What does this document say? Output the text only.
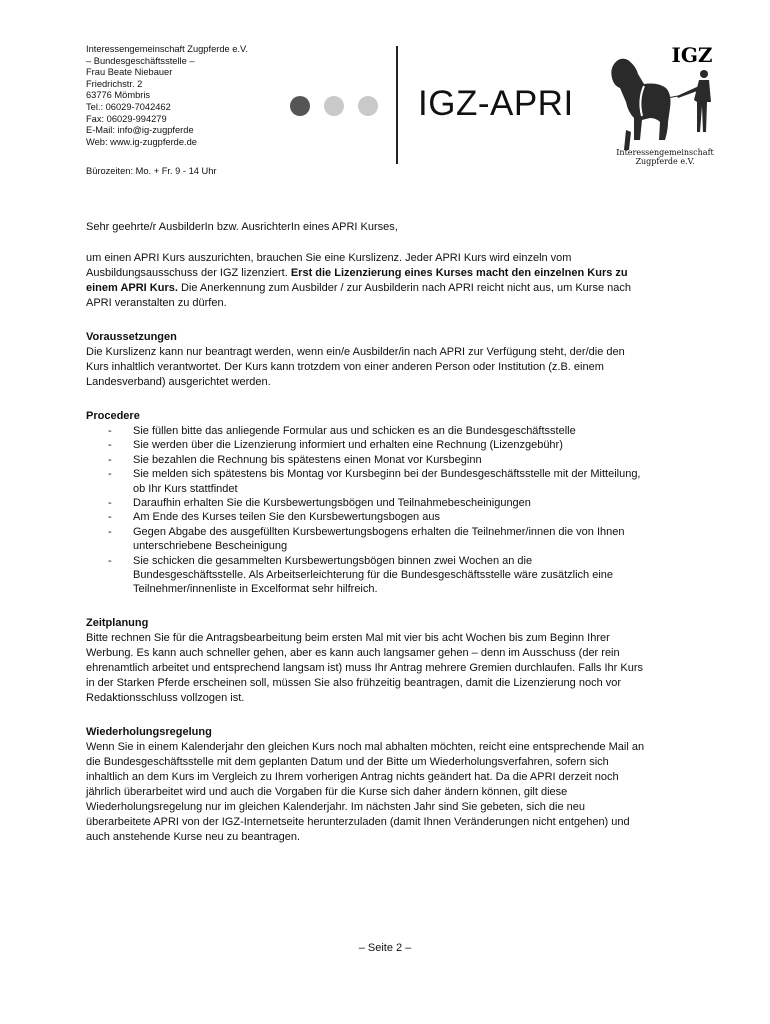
Interessengemeinschaft Zugpferde e.V.
– Bundesgeschäftsstelle –
Frau Beate Niebauer
Friedrichstr. 2
63776 Mömbris
Tel.: 06029-7042462
Fax: 06029-994279
E-Mail: info@ig-zugpferde
Web: www.ig-zugpferde.de
Bürozeiten: Mo. + Fr. 9 - 14 Uhr
IGZ-APRI
IGZ
Interessengemeinschaft
Zugpferde e.V.

Sehr geehrte/r AusbilderIn bzw. AusrichterIn eines APRI Kurses,

um einen APRI Kurs auszurichten, brauchen Sie eine Kurslizenz. Jeder APRI Kurs wird einzeln vom Ausbildungsausschuss der IGZ lizenziert. Erst die Lizenzierung eines Kurses macht den einzelnen Kurs zu einem APRI Kurs. Die Anerkennung zum Ausbilder / zur Ausbilderin nach APRI reicht nicht aus, um Kurse nach APRI veranstalten zu dürfen.

Voraussetzungen

Die Kurslizenz kann nur beantragt werden, wenn ein/e Ausbilder/in nach APRI zur Verfügung steht, der/die den Kurs inhaltlich verantwortet. Der Kurs kann trotzdem von einer anderen Person oder Institution (z.B. einem Landesverband) ausgerichtet werden.

Procedere
- Sie füllen bitte das anliegende Formular aus und schicken es an die Bundesgeschäftsstelle
- Sie werden über die Lizenzierung informiert und erhalten eine Rechnung (Lizenzgebühr)
- Sie bezahlen die Rechnung bis spätestens einen Monat vor Kursbeginn
- Sie melden sich spätestens bis Montag vor Kursbeginn bei der Bundesgeschäftsstelle mit der Mitteilung, ob Ihr Kurs stattfindet
- Daraufhin erhalten Sie die Kursbewertungsbögen und Teilnahmebescheinigungen
- Am Ende des Kurses teilen Sie den Kursbewertungsbogen aus
- Gegen Abgabe des ausgefüllten Kursbewertungsbogens erhalten die Teilnehmer/innen die von Ihnen unterschriebene Bescheinigung
- Sie schicken die gesammelten Kursbewertungsbögen binnen zwei Wochen an die Bundesgeschäftsstelle. Als Arbeitserleichterung für die Bundesgeschäftsstelle wäre zusätzlich eine Teilnehmer/innenliste in Excelformat sehr hilfreich.
Zeitplanung

Bitte rechnen Sie für die Antragsbearbeitung beim ersten Mal mit vier bis acht Wochen bis zum Beginn Ihrer Werbung. Es kann auch schneller gehen, aber es kann auch langsamer gehen – denn im Ausschuss (der rein ehrenamtlich arbeitet und entsprechend langsam ist) muss Ihr Antrag mehrere Gremien durchlaufen. Falls Ihr Kurs in der Starken Pferde erscheinen soll, müssen Sie also frühzeitig beantragen, damit die Lizenzierung noch vor Redaktionsschluss vollzogen ist.

Wiederholungsregelung

Wenn Sie in einem Kalenderjahr den gleichen Kurs noch mal abhalten möchten, reicht eine entsprechende Mail an die Bundesgeschäftsstelle mit dem geplanten Datum und der Bitte um Wiederholungsverfahren, sofern sich inhaltlich an dem Kurs im Vergleich zu Ihrem vorherigen Antrag nichts geändert hat. Da die APRI derzeit noch jährlich überarbeitet wird und auch die Vorgaben für die Kurse sich daher ändern können, gilt diese Wiederholungsregelung nur im gleichen Kalenderjahr. Im nächsten Jahr sind Sie gebeten, sich die neu überarbeitete APRI von der IGZ-Internetseite herunterzuladen (damit Ihnen Veränderungen nicht entgehen) und auch anstehende Kurse neu zu beantragen.

– Seite 2 –
